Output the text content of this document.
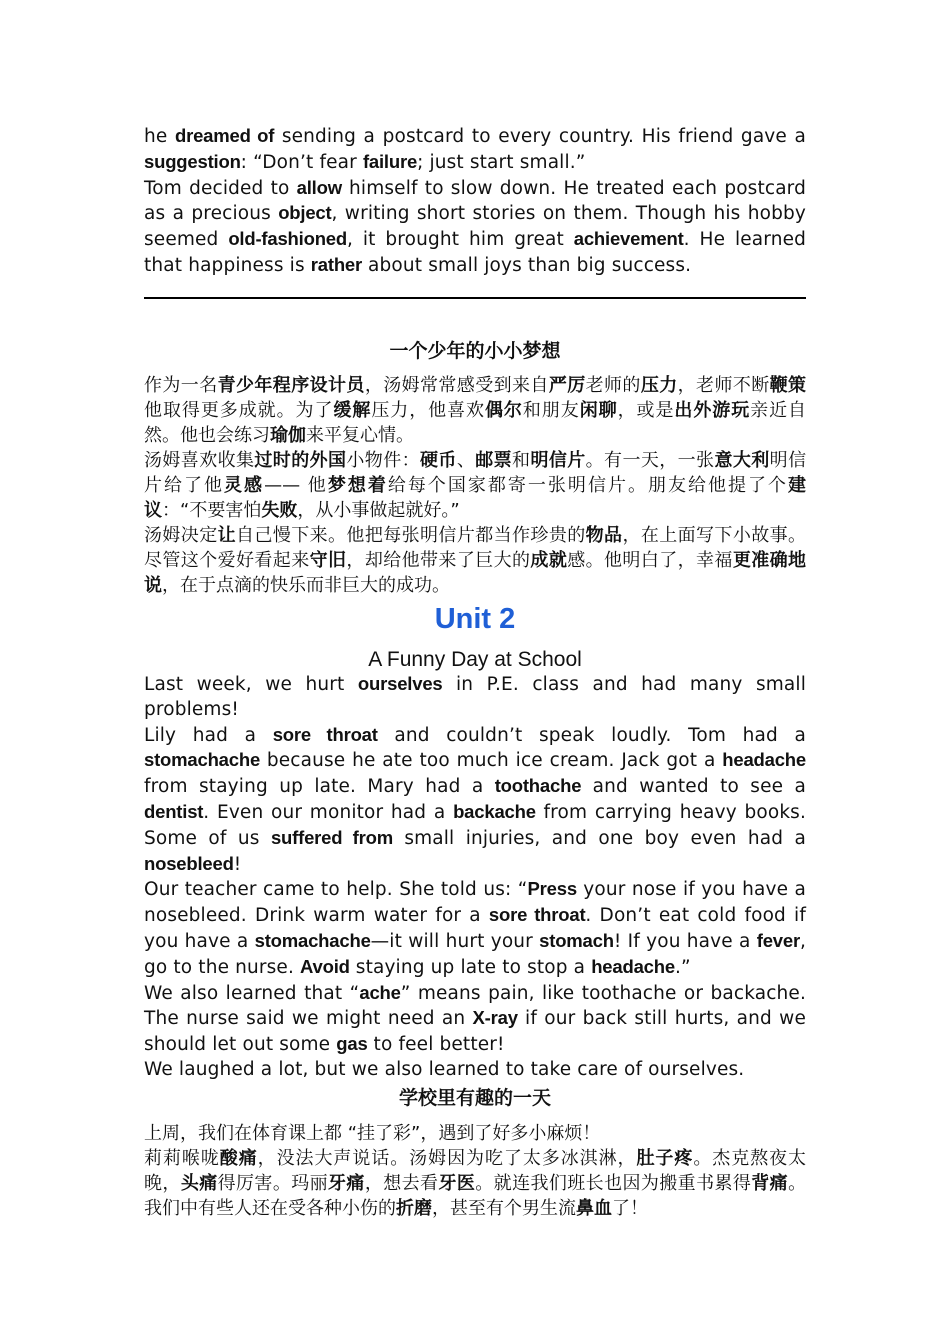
he dreamed of sending a postcard to every country. His friend gave a suggestion: “Don’t fear failure; just start small.”

Tom decided to allow himself to slow down. He treated each postcard as a precious object, writing short stories on them. Though his hobby seemed old-fashioned, it brought him great achievement. He learned that happiness is rather about small joys than big success.

一个少年的小小梦想

作为一名青少年程序设计员，汤姆常常感受到来自严厉老师的压力，老师不断鞭策他取得更多成就。为了缓解压力，他喜欢偶尔和朋友闲聊，或是出外游玩亲近自然。他也会练习瑜伽来平复心情。

汤姆喜欢收集过时的外国小物件：硬币、邮票和明信片。有一天，一张意大利明信片给了他灵感—— 他梦想着给每个国家都寄一张明信片。朋友给他提了个建议：“不要害怕失败，从小事做起就好。”

汤姆决定让自己慢下来。他把每张明信片都当作珍贵的物品，在上面写下小故事。尽管这个爱好看起来守旧，却给他带来了巨大的成就感。他明白了，幸福更准确地说，在于点滴的快乐而非巨大的成功。

Unit 2
A Funny Day at School

Last week, we hurt ourselves in P.E. class and had many small problems!

Lily had a sore throat and couldn’t speak loudly. Tom had a stomachache because he ate too much ice cream. Jack got a headache from staying up late. Mary had a toothache and wanted to see a dentist. Even our monitor had a backache from carrying heavy books. Some of us suffered from small injuries, and one boy even had a nosebleed!

Our teacher came to help. She told us: “Press your nose if you have a nosebleed. Drink warm water for a sore throat. Don’t eat cold food if you have a stomachache—it will hurt your stomach! If you have a fever, go to the nurse. Avoid staying up late to stop a headache.”

We also learned that “ache” means pain, like toothache or backache. The nurse said we might need an X-ray if our back still hurts, and we should let out some gas to feel better!

We laughed a lot, but we also learned to take care of ourselves.

学校里有趣的一天

上周，我们在体育课上都 “挂了彩”，遇到了好多小麻烦！

莉莉喉咙酸痛，没法大声说话。汤姆因为吃了太多冰淇淋，肚子疼。杰克熬夜太晚，头痛得厉害。玛丽牙痛，想去看牙医。就连我们班长也因为搬重书累得背痛。我们中有些人还在受各种小伤的折磨，甚至有个男生流鼻血了！
